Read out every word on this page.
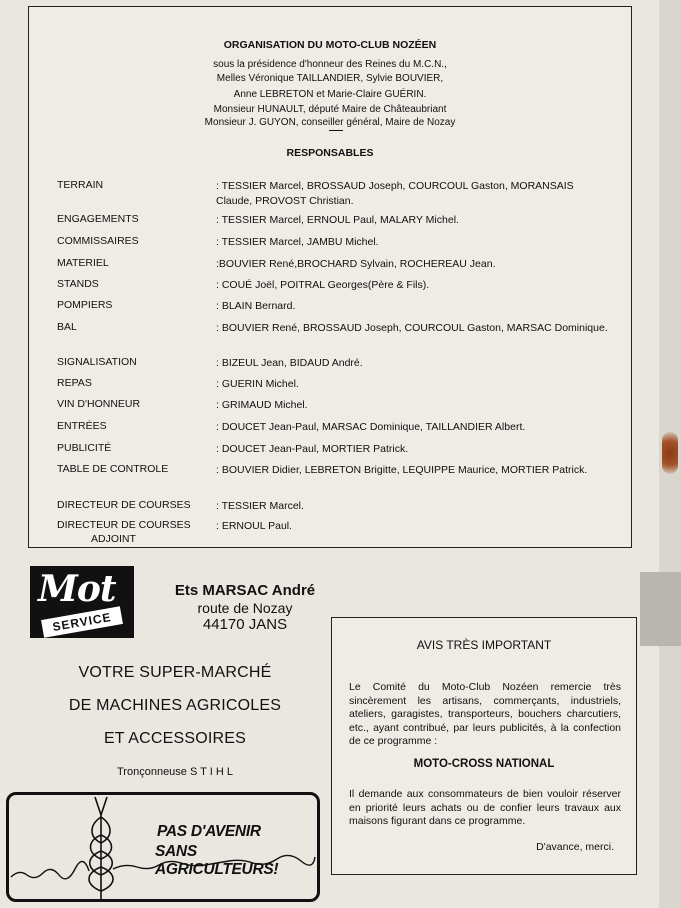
ORGANISATION DU MOTO-CLUB NOZÉEN
sous la présidence d'honneur des Reines du M.C.N.,
Melles Véronique TAILLANDIER, Sylvie BOUVIER,
Anne LEBRETON et Marie-Claire GUÉRIN.
Monsieur HUNAULT, député Maire de Châteaubriant
Monsieur J. GUYON, conseiller général, Maire de Nozay
RESPONSABLES
TERRAIN	: TESSIER Marcel, BROSSAUD Joseph, COURCOUL Gaston, MORANSAIS Claude, PROVOST Christian.
ENGAGEMENTS	: TESSIER Marcel, ERNOUL Paul, MALARY Michel.
COMMISSAIRES	: TESSIER Marcel, JAMBU Michel.
MATERIEL	:BOUVIER René,BROCHARD Sylvain, ROCHEREAU Jean.
STANDS	: COUÉ Joël, POITRAL Georges(Père & Fils).
POMPIERS	: BLAIN Bernard.
BAL	: BOUVIER René, BROSSAUD Joseph, COURCOUL Gaston, MARSAC Dominique.
SIGNALISATION	: BIZEUL Jean, BIDAUD André.
REPAS	: GUERIN Michel.
VIN D'HONNEUR	: GRIMAUD Michel.
ENTRÉES	: DOUCET Jean-Paul, MARSAC Dominique, TAILLANDIER Albert.
PUBLICITÉ	: DOUCET Jean-Paul, MORTIER Patrick.
TABLE DE CONTROLE	: BOUVIER Didier, LEBRETON Brigitte, LEQUIPPE Maurice, MORTIER Patrick.
DIRECTEUR DE COURSES : TESSIER Marcel.
DIRECTEUR DE COURSES : ERNOUL Paul.
ADJOINT
Mot
SERVICE
Ets MARSAC André
route de Nozay
44170 JANS
VOTRE SUPER-MARCHÉ
DE MACHINES AGRICOLES
ET ACCESSOIRES
Tronçonneuse S T I H L
PAS D'AVENIR
SANS AGRICULTEURS!
AVIS TRÈS IMPORTANT
Le Comité du Moto-Club Nozéen remercie très sincèrement les artisans, commerçants, industriels, ateliers, garagistes, transporteurs, bouchers charcutiers, etc., ayant contribué, par leurs publicités, à la confection de ce programme :
MOTO-CROSS NATIONAL
Il demande aux consommateurs de bien vouloir réserver en priorité leurs achats ou de confier leurs travaux aux maisons figurant dans ce programme.
D'avance, merci.
